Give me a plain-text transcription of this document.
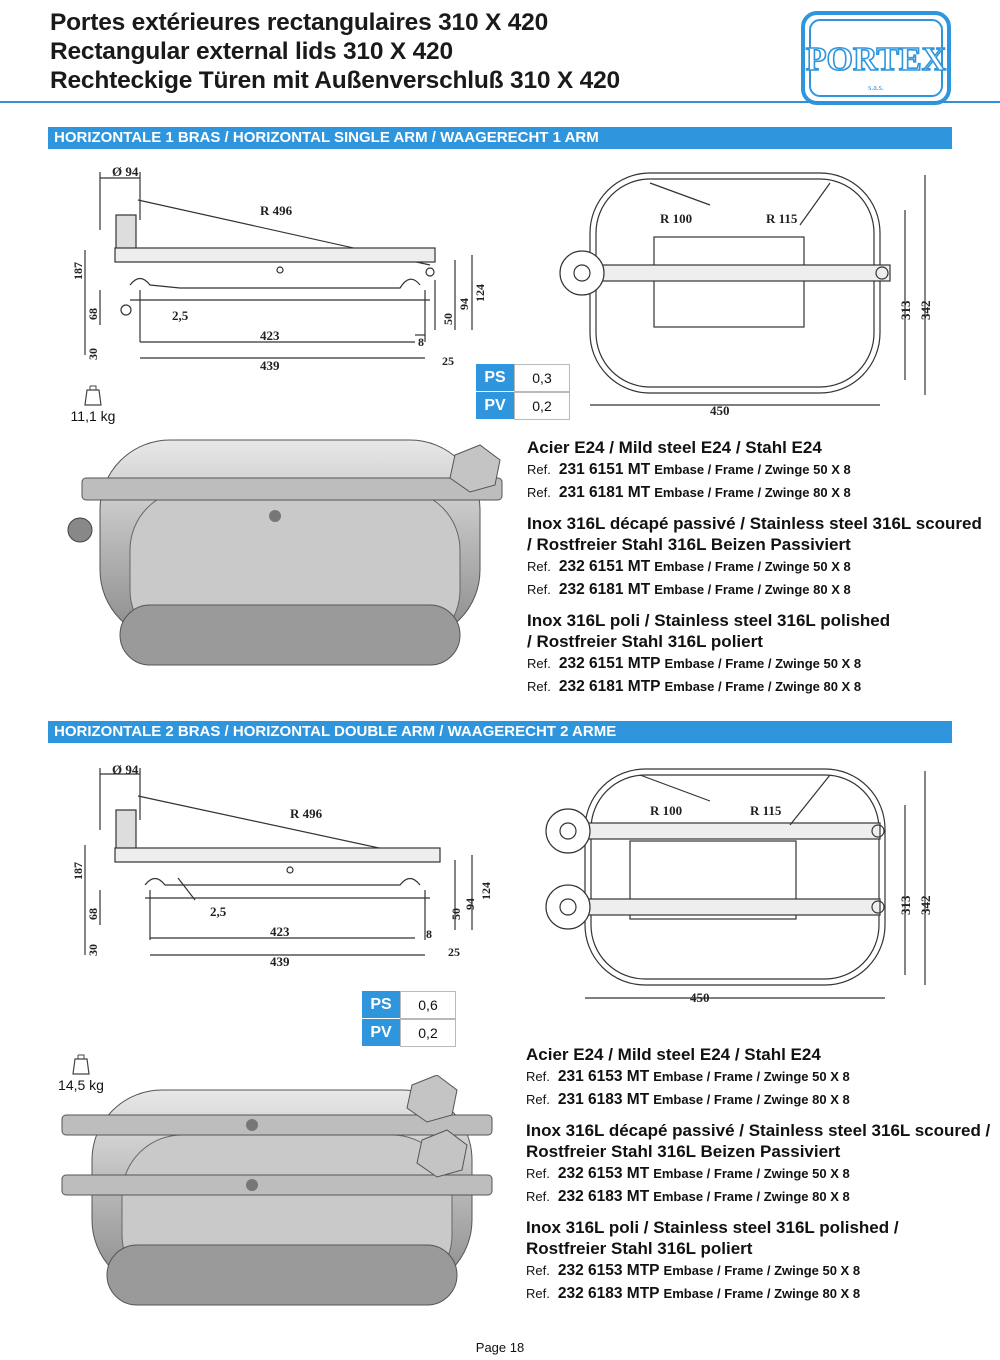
Portes extérieures rectangulaires 310 X 420
Rectangular external lids 310 X 420
Rechteckige Türen mit Außenverschluß 310 X 420
PORTEX
s.a.s.
HORIZONTALE 1 BRAS / HORIZONTAL SINGLE ARM / WAAGERECHT 1 ARM
Ø 94
R 496
187
68
30
2,5
423
439
8
25
50
94
124
R 100	R 115
450
313 342
PS	0,3
PV	0,2
11,1 kg
Acier E24 / Mild steel E24 / Stahl E24
Ref. 231 6151 MT Embase / Frame / Zwinge 50 X 8
Ref. 231 6181 MT Embase / Frame / Zwinge 80 X 8
Inox 316L décapé passivé / Stainless steel 316L scoured
/ Rostfreier Stahl 316L Beizen Passiviert
Ref. 232 6151 MT Embase / Frame / Zwinge 50 X 8
Ref. 232 6181 MT Embase / Frame / Zwinge 80 X 8
Inox 316L poli / Stainless steel 316L polished
/ Rostfreier Stahl 316L poliert
Ref. 232 6151 MTP Embase / Frame / Zwinge 50 X 8
Ref. 232 6181 MTP Embase / Frame / Zwinge 80 X 8
HORIZONTALE 2 BRAS / HORIZONTAL DOUBLE ARM / WAAGERECHT 2 ARME
Ø 94
R 496
187
68
30
2,5
423
439
8
25
50
94
124
R 100	R 115
450
313 342
PS	0,6
PV	0,2
14,5 kg
Acier E24 / Mild steel E24 / Stahl E24
Ref. 231 6153 MT Embase / Frame / Zwinge 50 X 8
Ref. 231 6183 MT Embase / Frame / Zwinge 80 X 8
Inox 316L décapé passivé / Stainless steel 316L scoured /
Rostfreier Stahl 316L Beizen Passiviert
Ref. 232 6153 MT Embase / Frame / Zwinge 50 X 8
Ref. 232 6183 MT Embase / Frame / Zwinge 80 X 8
Inox 316L poli / Stainless steel 316L polished /
Rostfreier Stahl 316L poliert
Ref. 232 6153 MTP Embase / Frame / Zwinge 50 X 8
Ref. 232 6183 MTP Embase / Frame / Zwinge 80 X 8
Page 18
